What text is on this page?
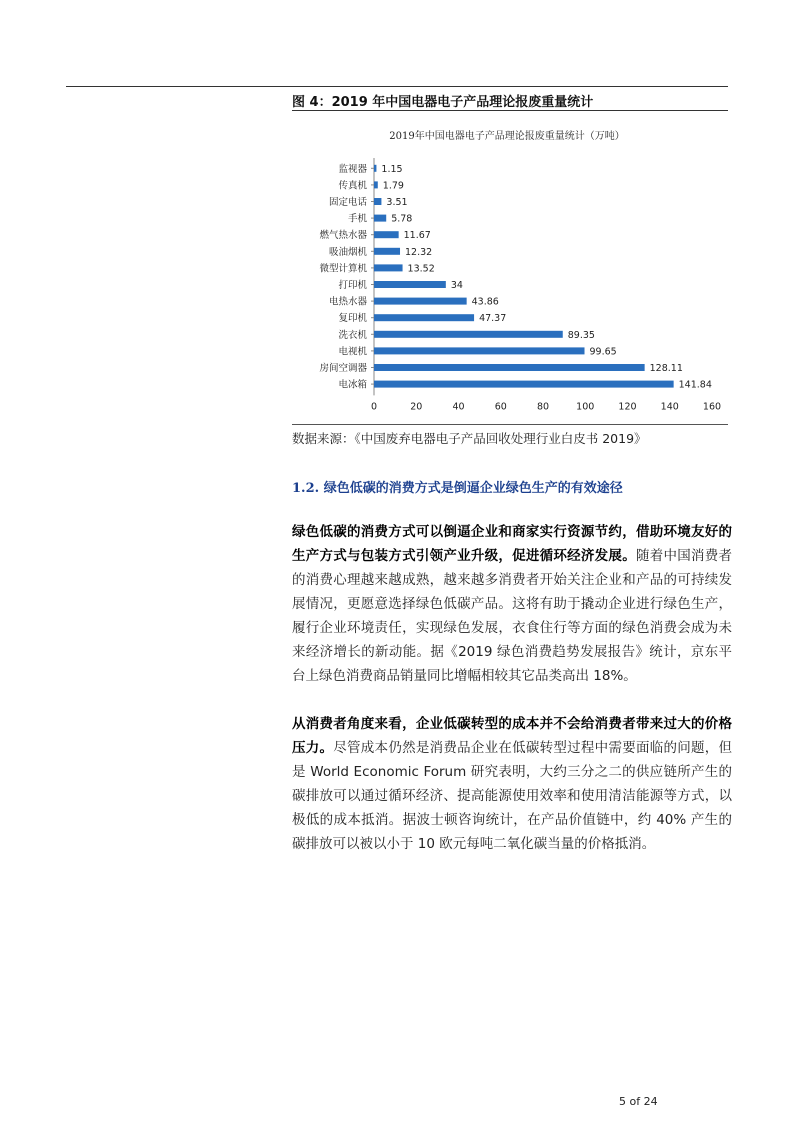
图 4：2019 年中国电器电子产品理论报废重量统计
2019年中国电器电子产品理论报废重量统计（万吨）
监视器 1.15
传真机 1.79
固定电话 3.51
手机	5.78
燃气热水器	11.67
吸油烟机	12.32
微型计算机	13.52
打印机	34
电热水器	43.86
复印机	47.37
洗衣机	89.35
电视机	99.65
房间空调器	128.11
电冰箱	141.84
0	20	40	60	80	100	120	140	160
数据来源：《中国废弃电器电子产品回收处理行业白皮书 2019》
1.2. 绿色低碳的消费方式是倒逼企业绿色生产的有效途径
绿色低碳的消费方式可以倒逼企业和商家实行资源节约，借助环境友好的生产方式与包装方式引领产业升级，促进循环经济发展。随着中国消费者的消费心理越来越成熟，越来越多消费者开始关注企业和产品的可持续发展情况，更愿意选择绿色低碳产品。这将有助于撬动企业进行绿色生产，履行企业环境责任，实现绿色发展，衣食住行等方面的绿色消费会成为未来经济增长的新动能。据《2019 绿色消费趋势发展报告》统计，京东平台上绿色消费商品销量同比增幅相较其它品类高出 18%。
从消费者角度来看，企业低碳转型的成本并不会给消费者带来过大的价格压力。尽管成本仍然是消费品企业在低碳转型过程中需要面临的问题，但是 World Economic Forum 研究表明，大约三分之二的供应链所产生的碳排放可以通过循环经济、提高能源使用效率和使用清洁能源等方式，以极低的成本抵消。据波士顿咨询统计，在产品价值链中，约 40% 产生的碳排放可以被以小于 10 欧元每吨二氧化碳当量的价格抵消。
5 of 24
